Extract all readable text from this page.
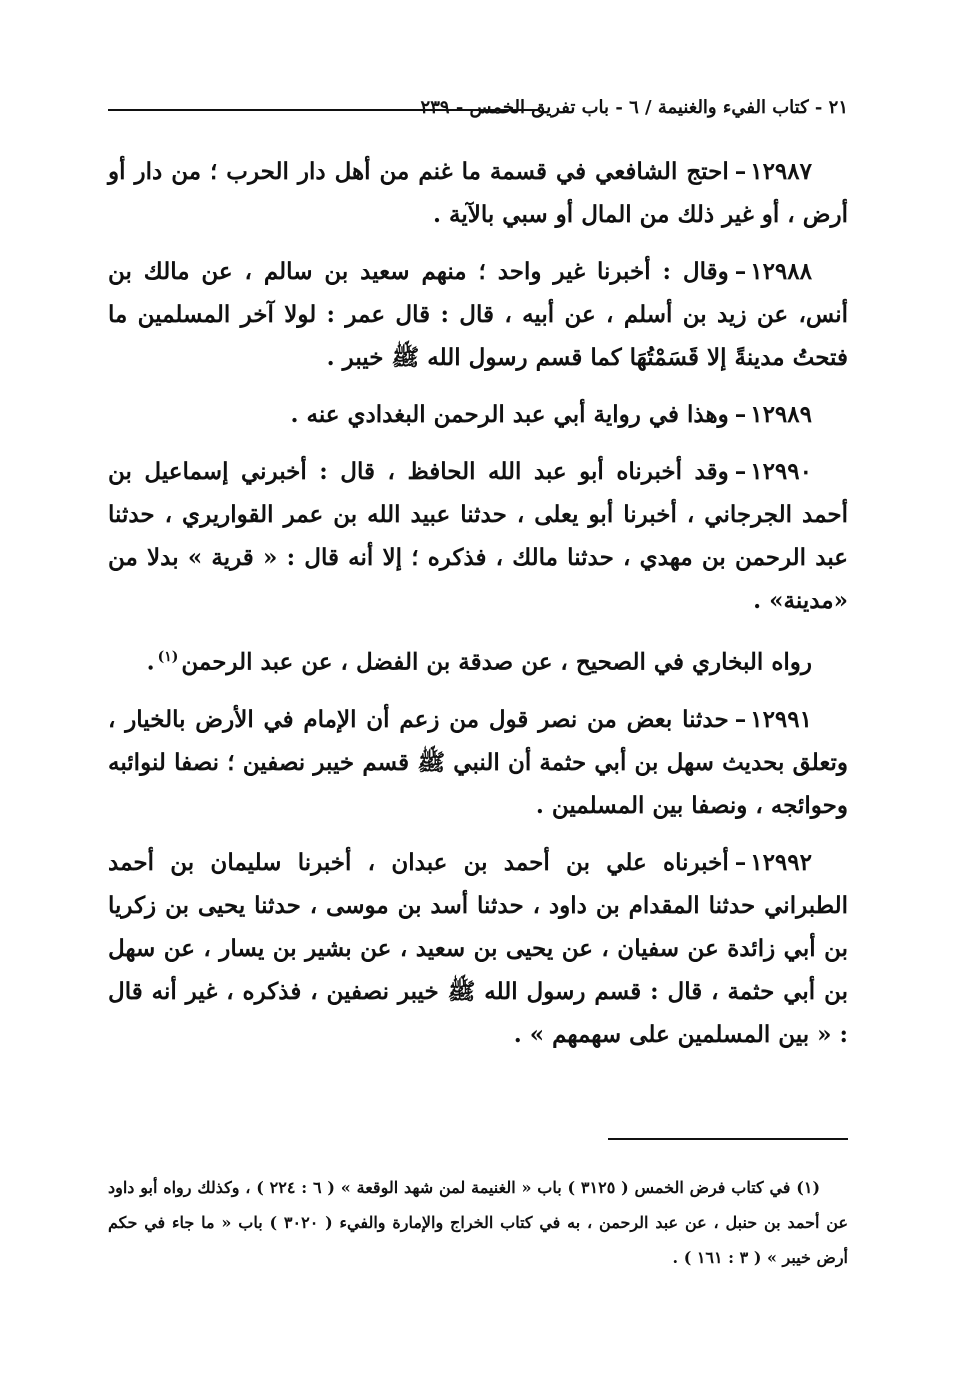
٢١ - كتاب الفيء والغنيمة / ٦ - باب تفريق الخمس - ٢٣٩

١٢٩٨٧–احتج الشافعي في قسمة ما غنم من أهل دار الحرب ؛ من دار أو أرض ، أو غير ذلك من المال أو سبي بالآية .

١٢٩٨٨–وقال : أخبرنا غير واحد ؛ منهم سعيد بن سالم ، عن مالك بن أنس، عن زيد بن أسلم ، عن أبيه ، قال : قال عمر : لولا آخر المسلمين ما فتحتُ مدينةً إلا قَسَمْتُهَا كما قسم رسول الله ﷺ خيبر .

١٢٩٨٩–وهذا في رواية أبي عبد الرحمن البغدادي عنه .

١٢٩٩٠–وقد أخبرناه أبو عبد الله الحافظ ، قال : أخبرني إسماعيل بن أحمد الجرجاني ، أخبرنا أبو يعلى ، حدثنا عبيد الله بن عمر القواريري ، حدثنا عبد الرحمن بن مهدي ، حدثنا مالك ، فذكره ؛ إلا أنه قال : « قرية » بدلا من «مدينة» .

رواه البخاري في الصحيح ، عن صدقة بن الفضل ، عن عبد الرحمن$^{(١)}$.

١٢٩٩١–حدثنا بعض من نصر قول من زعم أن الإمام في الأرض بالخيار ، وتعلق بحديث سهل بن أبي حثمة أن النبي ﷺ قسم خيبر نصفين ؛ نصفا لنوائبه وحوائجه ، ونصفا بين المسلمين .

١٢٩٩٢–أخبرناه علي بن أحمد بن عبدان ، أخبرنا سليمان بن أحمد الطبراني حدثنا المقدام بن داود ، حدثنا أسد بن موسى ، حدثنا يحيى بن زكريا بن أبي زائدة عن سفيان ، عن يحيى بن سعيد ، عن بشير بن يسار ، عن سهل بن أبي حثمة ، قال : قسم رسول الله ﷺ خيبر نصفين ، فذكره ، غير أنه قال : « بين المسلمين على سهمهم » .

(١) في كتاب فرض الخمس ( ٣١٢٥ ) باب « الغنيمة لمن شهد الوقعة » ( ٦ : ٢٢٤ ) ، وكذلك رواه أبو داود عن أحمد بن حنبل ، عن عبد الرحمن ، به في كتاب الخراج والإمارة والفيء ( ٣٠٢٠ ) باب « ما جاء في حكم أرض خيبر » ( ٣ : ١٦١ ) .
